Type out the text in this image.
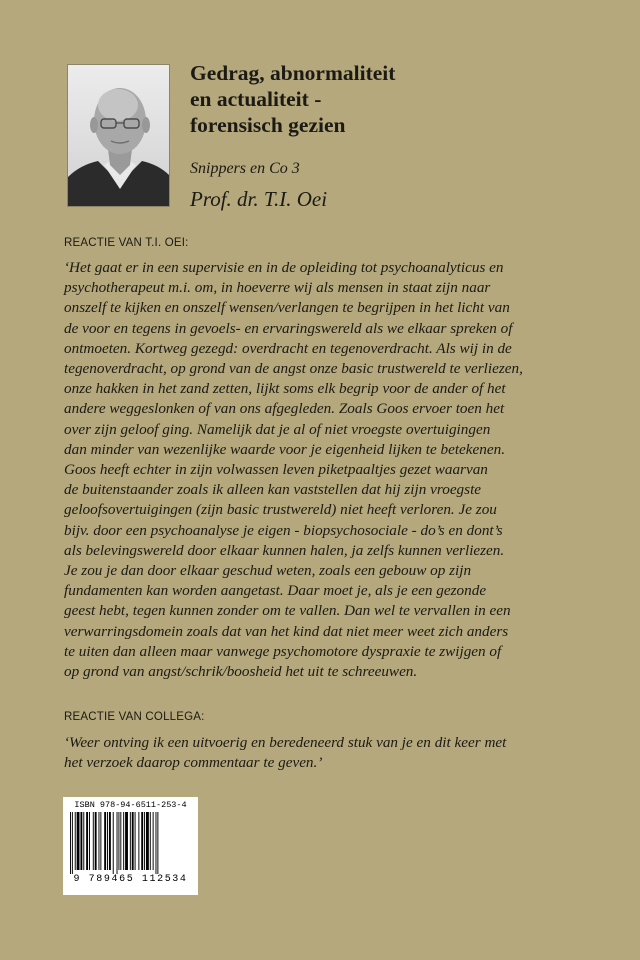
Gedrag, abnormaliteit
en actualiteit -
forensisch gezien
Snippers en Co 3
Prof. dr. T.I. Oei
REACTIE VAN T.I. OEI:
‘Het gaat er in een supervisie en in de opleiding tot psychoanalyticus en
psychotherapeut m.i. om, in hoeverre wij als mensen in staat zijn naar
onszelf te kijken en onszelf wensen/verlangen te begrijpen in het licht van
de voor en tegens in gevoels- en ervaringswereld als we elkaar spreken of
ontmoeten. Kortweg gezegd: overdracht en tegenoverdracht. Als wij in de
tegenoverdracht, op grond van de angst onze basic trustwereld te verliezen,
onze hakken in het zand zetten, lijkt soms elk begrip voor de ander of het
andere weggeslonken of van ons afgegleden. Zoals Goos ervoer toen het
over zijn geloof ging. Namelijk dat je al of niet vroegste overtuigingen
dan minder van wezenlijke waarde voor je eigenheid lijken te betekenen.
Goos heeft echter in zijn volwassen leven piketpaaltjes gezet waarvan
de buitenstaander zoals ik alleen kan vaststellen dat hij zijn vroegste
geloofsovertuigingen (zijn basic trustwereld) niet heeft verloren. Je zou
bijv. door een psychoanalyse je eigen - biopsychosociale - do’s en dont’s
als belevingswereld door elkaar kunnen halen, ja zelfs kunnen verliezen.
Je zou je dan door elkaar geschud weten, zoals een gebouw op zijn
fundamenten kan worden aangetast. Daar moet je, als je een gezonde
geest hebt, tegen kunnen zonder om te vallen. Dan wel te vervallen in een
verwarringsdomein zoals dat van het kind dat niet meer weet zich anders
te uiten dan alleen maar vanwege psychomotore dyspraxie te zwijgen of
op grond van angst/schrik/boosheid het uit te schreeuwen.
REACTIE VAN COLLEGA:
‘Weer ontving ik een uitvoerig en beredeneerd stuk van je en dit keer met
het verzoek daarop commentaar te geven.’
ISBN 978-94-6511-253-4
9 789465 112534
